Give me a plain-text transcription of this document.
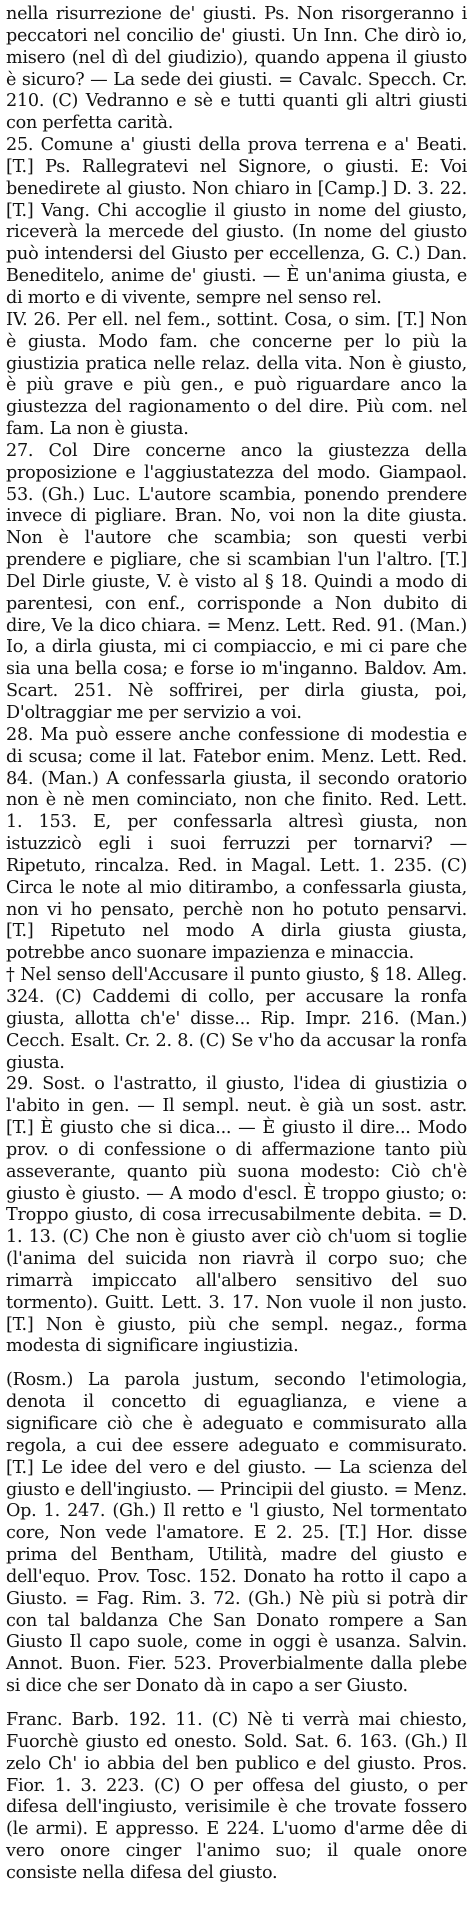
nella risurrezione de' giusti. Ps. Non risorgeranno i peccatori nel concilio de' giusti. Un Inn. Che dirò io, misero (nel dì del giudizio), quando appena il giusto è sicuro? — La sede dei giusti. = Cavalc. Specch. Cr. 210. (C) Vedranno e sè e tutti quanti gli altri giusti con perfetta carità.

25. Comune a' giusti della prova terrena e a' Beati. [T.] Ps. Rallegratevi nel Signore, o giusti. E: Voi benedirete al giusto. Non chiaro in [Camp.] D. 3. 22. [T.] Vang. Chi accoglie il giusto in nome del giusto, riceverà la mercede del giusto. (In nome del giusto può intendersi del Giusto per eccellenza, G. C.) Dan. Beneditelo, anime de' giusti. — È un'anima giusta, e di morto e di vivente, sempre nel senso rel.

IV. 26. Per ell. nel fem., sottint. Cosa, o sim. [T.] Non è giusta. Modo fam. che concerne per lo più la giustizia pratica nelle relaz. della vita. Non è giusto, è più grave e più gen., e può riguardare anco la giustezza del ragionamento o del dire. Più com. nel fam. La non è giusta.

27. Col Dire concerne anco la giustezza della proposizione e l'aggiustatezza del modo. Giampaol. 53. (Gh.) Luc. L'autore scambia, ponendo prendere invece di pigliare. Bran. No, voi non la dite giusta. Non è l'autore che scambia; son questi verbi prendere e pigliare, che si scambian l'un l'altro. [T.] Del Dirle giuste, V. è visto al § 18. Quindi a modo di parentesi, con enf., corrisponde a Non dubito di dire, Ve la dico chiara. = Menz. Lett. Red. 91. (Man.) Io, a dirla giusta, mi ci compiaccio, e mi ci pare che sia una bella cosa; e forse io m'inganno. Baldov. Am. Scart. 251. Nè soffrirei, per dirla giusta, poi, D'oltraggiar me per servizio a voi.

28. Ma può essere anche confessione di modestia e di scusa; come il lat. Fatebor enim. Menz. Lett. Red. 84. (Man.) A confessarla giusta, il secondo oratorio non è nè men cominciato, non che finito. Red. Lett. 1. 153. E, per confessarla altresì giusta, non istuzzicò egli i suoi ferruzzi per tornarvi? — Ripetuto, rincalza. Red. in Magal. Lett. 1. 235. (C) Circa le note al mio ditirambo, a confessarla giusta, non vi ho pensato, perchè non ho potuto pensarvi. [T.] Ripetuto nel modo A dirla giusta giusta, potrebbe anco suonare impazienza e minaccia.

† Nel senso dell'Accusare il punto giusto, § 18. Alleg. 324. (C) Caddemi di collo, per accusare la ronfa giusta, allotta ch'e' disse... Rip. Impr. 216. (Man.) Cecch. Esalt. Cr. 2. 8. (C) Se v'ho da accusar la ronfa giusta.

29. Sost. o l'astratto, il giusto, l'idea di giustizia o l'abito in gen. — Il sempl. neut. è già un sost. astr. [T.] È giusto che si dica... — È giusto il dire... Modo prov. o di confessione o di affermazione tanto più asseverante, quanto più suona modesto: Ciò ch'è giusto è giusto. — A modo d'escl. È troppo giusto; o: Troppo giusto, di cosa irrecusabilmente debita. = D. 1. 13. (C) Che non è giusto aver ciò ch'uom si toglie (l'anima del suicida non riavrà il corpo suo; che rimarrà impiccato all'albero sensitivo del suo tormento). Guitt. Lett. 3. 17. Non vuole il non justo. [T.] Non è giusto, più che sempl. negaz., forma modesta di significare ingiustizia.

(Rosm.) La parola justum, secondo l'etimologia, denota il concetto di eguaglianza, e viene a significare ciò che è adeguato e commisurato alla regola, a cui dee essere adeguato e commisurato. [T.] Le idee del vero e del giusto. — La scienza del giusto e dell'ingiusto. — Principii del giusto. = Menz. Op. 1. 247. (Gh.) Il retto e 'l giusto, Nel tormentato core, Non vede l'amatore. E 2. 25. [T.] Hor. disse prima del Bentham, Utilità, madre del giusto e dell'equo. Prov. Tosc. 152. Donato ha rotto il capo a Giusto. = Fag. Rim. 3. 72. (Gh.) Nè più si potrà dir con tal baldanza Che San Donato rompere a San Giusto Il capo suole, come in oggi è usanza. Salvin. Annot. Buon. Fier. 523. Proverbialmente dalla plebe si dice che ser Donato dà in capo a ser Giusto.

Franc. Barb. 192. 11. (C) Nè ti verrà mai chiesto, Fuorchè giusto ed onesto. Sold. Sat. 6. 163. (Gh.) Il zelo Ch' io abbia del ben publico e del giusto. Pros. Fior. 1. 3. 223. (C) O per offesa del giusto, o per difesa dell'ingiusto, verisimile è che trovate fossero (le armi). E appresso. E 224. L'uomo d'arme dêe di vero onore cinger l'animo suo; il quale onore consiste nella difesa del giusto.
